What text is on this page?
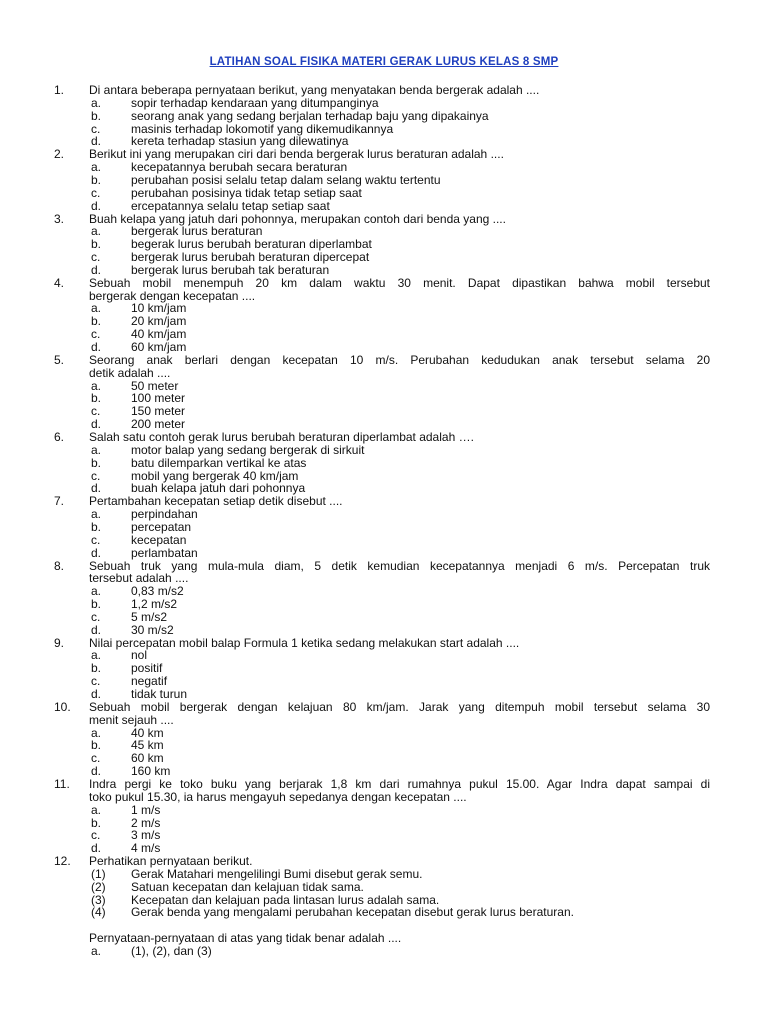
LATIHAN SOAL FISIKA MATERI GERAK LURUS KELAS 8 SMP
1. Di antara beberapa pernyataan berikut, yang menyatakan benda bergerak adalah ....
a. sopir terhadap kendaraan yang ditumpanginya
b. seorang anak yang sedang berjalan terhadap baju yang dipakainya
c.	masinis terhadap lokomotif yang dikemudikannya
d. kereta terhadap stasiun yang dilewatinya
2. Berikut ini yang merupakan ciri dari benda bergerak lurus beraturan adalah ....
a. kecepatannya berubah secara beraturan
b. perubahan posisi selalu tetap dalam selang waktu tertentu
c.	perubahan posisinya tidak tetap setiap saat
d. ercepatannya selalu tetap setiap saat
3. Buah kelapa yang jatuh dari pohonnya, merupakan contoh dari benda yang ....
a. bergerak lurus beraturan
b. begerak lurus berubah beraturan diperlambat
c.	bergerak lurus berubah beraturan dipercepat
d. bergerak lurus berubah tak beraturan
4. Sebuah mobil menempuh 20 km dalam waktu 30 menit. Dapat dipastikan bahwa mobil tersebut
bergerak dengan kecepatan ....
a. 10 km/jam
b. 20 km/jam
c.	40 km/jam
d. 60 km/jam
5. Seorang anak berlari dengan kecepatan 10 m/s. Perubahan kedudukan anak tersebut selama 20
detik adalah ....
a. 50 meter
b. 100 meter
c.	150 meter
d. 200 meter
6. Salah satu contoh gerak lurus berubah beraturan diperlambat adalah ….
a. motor balap yang sedang bergerak di sirkuit
b. batu dilemparkan vertikal ke atas
c.	mobil yang bergerak 40 km/jam
d. buah kelapa jatuh dari pohonnya
7. Pertambahan kecepatan setiap detik disebut ....
a. perpindahan
b. percepatan
c.	kecepatan
d. perlambatan
8. Sebuah truk yang mula-mula diam, 5 detik kemudian kecepatannya menjadi 6 m/s. Percepatan truk
tersebut adalah ....
a. 0,83 m/s2
b. 1,2 m/s2
c.	5 m/s2
d. 30 m/s2
9. Nilai percepatan mobil balap Formula 1 ketika sedang melakukan start adalah ....
a. nol
b. positif
c.	negatif
d. tidak turun
10. Sebuah mobil bergerak dengan kelajuan 80 km/jam. Jarak yang ditempuh mobil tersebut selama 30
menit sejauh ....
a. 40 km
b. 45 km
c.	60 km
d. 160 km
11. Indra pergi ke toko buku yang berjarak 1,8 km dari rumahnya pukul 15.00. Agar Indra dapat sampai di
toko pukul 15.30, ia harus mengayuh sepedanya dengan kecepatan ....
a. 1 m/s
b. 2 m/s
c.	3 m/s
d. 4 m/s
12. Perhatikan pernyataan berikut.
(1) Gerak Matahari mengelilingi Bumi disebut gerak semu.
(2) Satuan kecepatan dan kelajuan tidak sama.
(3) Kecepatan dan kelajuan pada lintasan lurus adalah sama.
(4) Gerak benda yang mengalami perubahan kecepatan disebut gerak lurus beraturan.
Pernyataan-pernyataan di atas yang tidak benar adalah ....
a. (1), (2), dan (3)
